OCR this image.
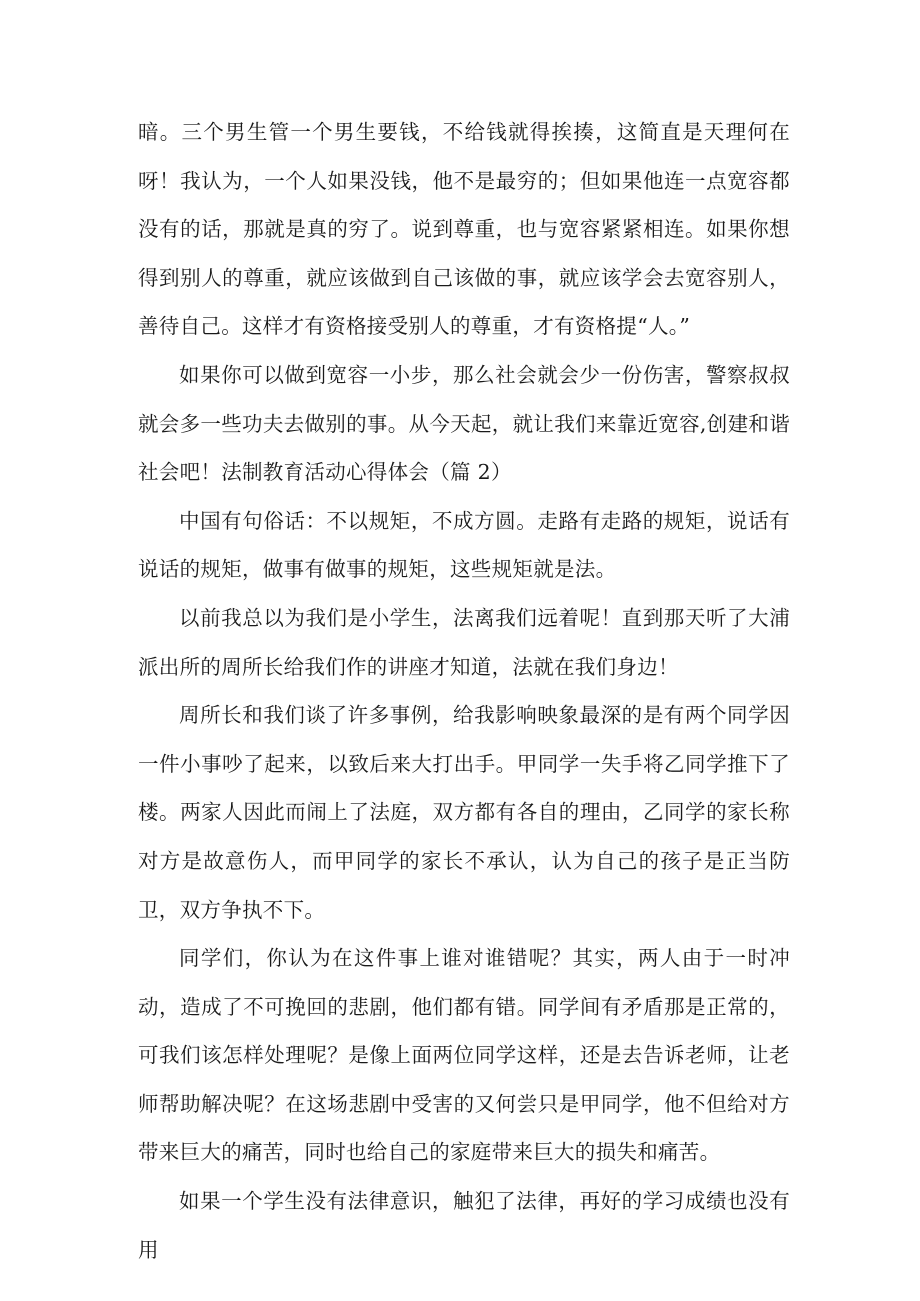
暗。三个男生管一个男生要钱，不给钱就得挨揍，这简直是天理何在呀！我认为，一个人如果没钱，他不是最穷的；但如果他连一点宽容都没有的话，那就是真的穷了。说到尊重，也与宽容紧紧相连。如果你想得到别人的尊重，就应该做到自己该做的事，就应该学会去宽容别人，善待自己。这样才有资格接受别人的尊重，才有资格提“人。”

如果你可以做到宽容一小步，那么社会就会少一份伤害，警察叔叔就会多一些功夫去做别的事。从今天起，就让我们来靠近宽容,创建和谐社会吧！法制教育活动心得体会（篇 2）

中国有句俗话：不以规矩，不成方圆。走路有走路的规矩，说话有说话的规矩，做事有做事的规矩，这些规矩就是法。

以前我总以为我们是小学生，法离我们远着呢！直到那天听了大浦派出所的周所长给我们作的讲座才知道，法就在我们身边！

周所长和我们谈了许多事例，给我影响映象最深的是有两个同学因一件小事吵了起来，以致后来大打出手。甲同学一失手将乙同学推下了楼。两家人因此而闹上了法庭，双方都有各自的理由，乙同学的家长称对方是故意伤人，而甲同学的家长不承认，认为自己的孩子是正当防卫，双方争执不下。

同学们，你认为在这件事上谁对谁错呢？其实，两人由于一时冲动，造成了不可挽回的悲剧，他们都有错。同学间有矛盾那是正常的，可我们该怎样处理呢？是像上面两位同学这样，还是去告诉老师，让老师帮助解决呢？在这场悲剧中受害的又何尝只是甲同学，他不但给对方带来巨大的痛苦，同时也给自己的家庭带来巨大的损失和痛苦。

如果一个学生没有法律意识，触犯了法律，再好的学习成绩也没有用
